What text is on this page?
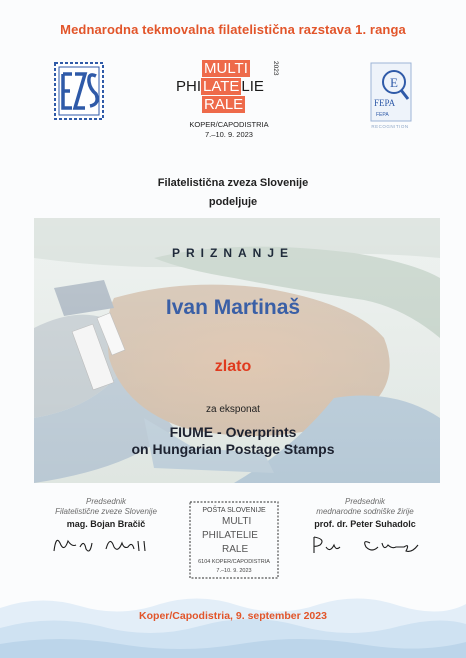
Mednarodna tekmovalna filatelistična razstava 1. ranga
MULTI
PHI LATE LIE
RALE
2023
KOPER/CAPODISTRIA
7.–10. 9. 2023
E
FEPA
FEPA
RECOGNITION
Filatelistična zveza Slovenije
podeljuje
PRIZNANJE
Ivan Martinaš
zlato
za eksponat
FIUME - Overprints
on Hungarian Postage Stamps
Predsednik
Filatelistične zveze Slovenije
mag. Bojan Bračič
POŠTA SLOVENIJE
MULTI
PHILATELIE
RALE
6104 KOPER/CAPODISTRIA
7.–10. 9. 2023
Predsednik
mednarodne sodniške žirije
prof. dr. Peter Suhadolc
Koper/Capodistria, 9. september 2023
